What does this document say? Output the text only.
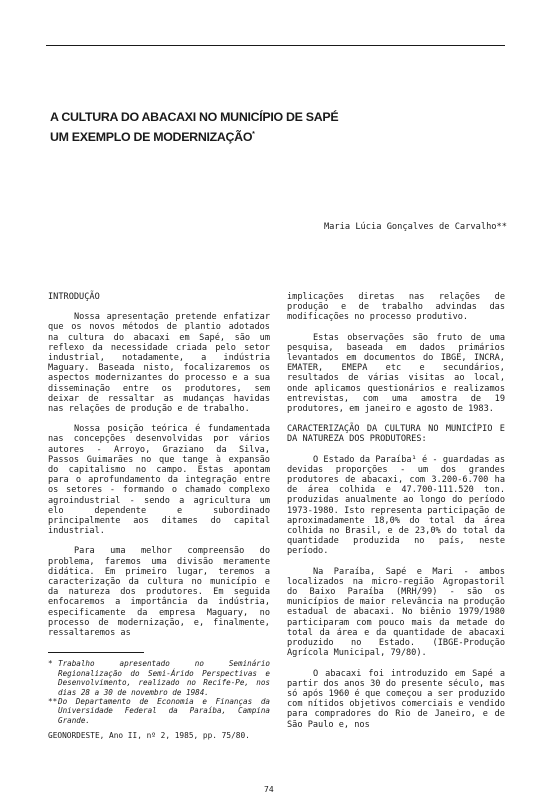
A CULTURA DO ABACAXI NO MUNICÍPIO DE SAPÉ
UM EXEMPLO DE MODERNIZAÇÃO*
Maria Lúcia Gonçalves de Carvalho**

INTRODUÇÃO

Nossa apresentação pretende enfatizar que os novos métodos de plantio adotados na cultura do abacaxi em Sapé, são um reflexo da necessidade criada pelo setor industrial, notadamente, a indústria Maguary. Baseada nisto, focalizaremos os aspectos modernizantes do processo e a sua disseminação entre os produtores, sem deixar de ressaltar as mudanças havidas nas relações de produção e de trabalho.

Nossa posição teórica é fundamentada nas concepções desenvolvidas por vários autores - Arroyo, Graziano da Silva, Passos Guimarães no que tange à expansão do capitalismo no campo. Estas apontam para o aprofundamento da integração entre os setores - formando o chamado complexo agroindustrial - sendo a agricultura um elo dependente e subordinado principalmente aos ditames do capital industrial.

Para uma melhor compreensão do problema, faremos uma divisão meramente didática. Em primeiro lugar, teremos a caracterização da cultura no município e da natureza dos produtores. Em seguida enfocaremos a importância da indústria, especificamente da empresa Maguary, no processo de modernização, e, finalmente, ressaltaremos as

* Trabalho apresentado no Seminário Regionalização do Semi-Árido Perspectivas e Desenvolvimento, realizado no Recife-Pe, nos dias 28 a 30 de novembro de 1984.

**Do Departamento de Economia e Finanças da Universidade Federal da Paraíba, Campina Grande.

GEONORDESTE, Ano II, nº 2, 1985, pp. 75/80.

implicações diretas nas relações de produção e de trabalho advindas das modificações no processo produtivo.

Estas observações são fruto de uma pesquisa, baseada em dados primários levantados em documentos do IBGE, INCRA, EMATER, EMEPA etc e secundários, resultados de várias visitas ao local, onde aplicamos questionários e realizamos entrevistas, com uma amostra de 19 produtores, em janeiro e agosto de 1983.

CARACTERIZAÇÃO DA CULTURA NO MUNICÍPIO E DA NATUREZA DOS PRODUTORES:

O Estado da Paraíba¹ é - guardadas as devidas proporções - um dos grandes produtores de abacaxi, com 3.200-6.700 ha de área colhida e 47.700-111.520 ton. produzidas anualmente ao longo do período 1973-1980. Isto representa participação de aproximadamente 18,0% do total da área colhida no Brasil, e de 23,0% do total da quantidade produzida no país, neste período.

Na Paraíba, Sapé e Mari - ambos localizados na micro-região Agropastoril do Baixo Paraíba (MRH/99) - são os municípios de maior relevância na produção estadual de abacaxi. No biênio 1979/1980 participaram com pouco mais da metade do total da área e da quantidade de abacaxi produzido no Estado. (IBGE-Produção Agrícola Municipal, 79/80).

O abacaxi foi introduzido em Sapé a partir dos anos 30 do presente século, mas só após 1960 é que começou a ser produzido com nítidos objetivos comerciais e vendido para compradores do Rio de Janeiro, e de São Paulo e, nos

74
